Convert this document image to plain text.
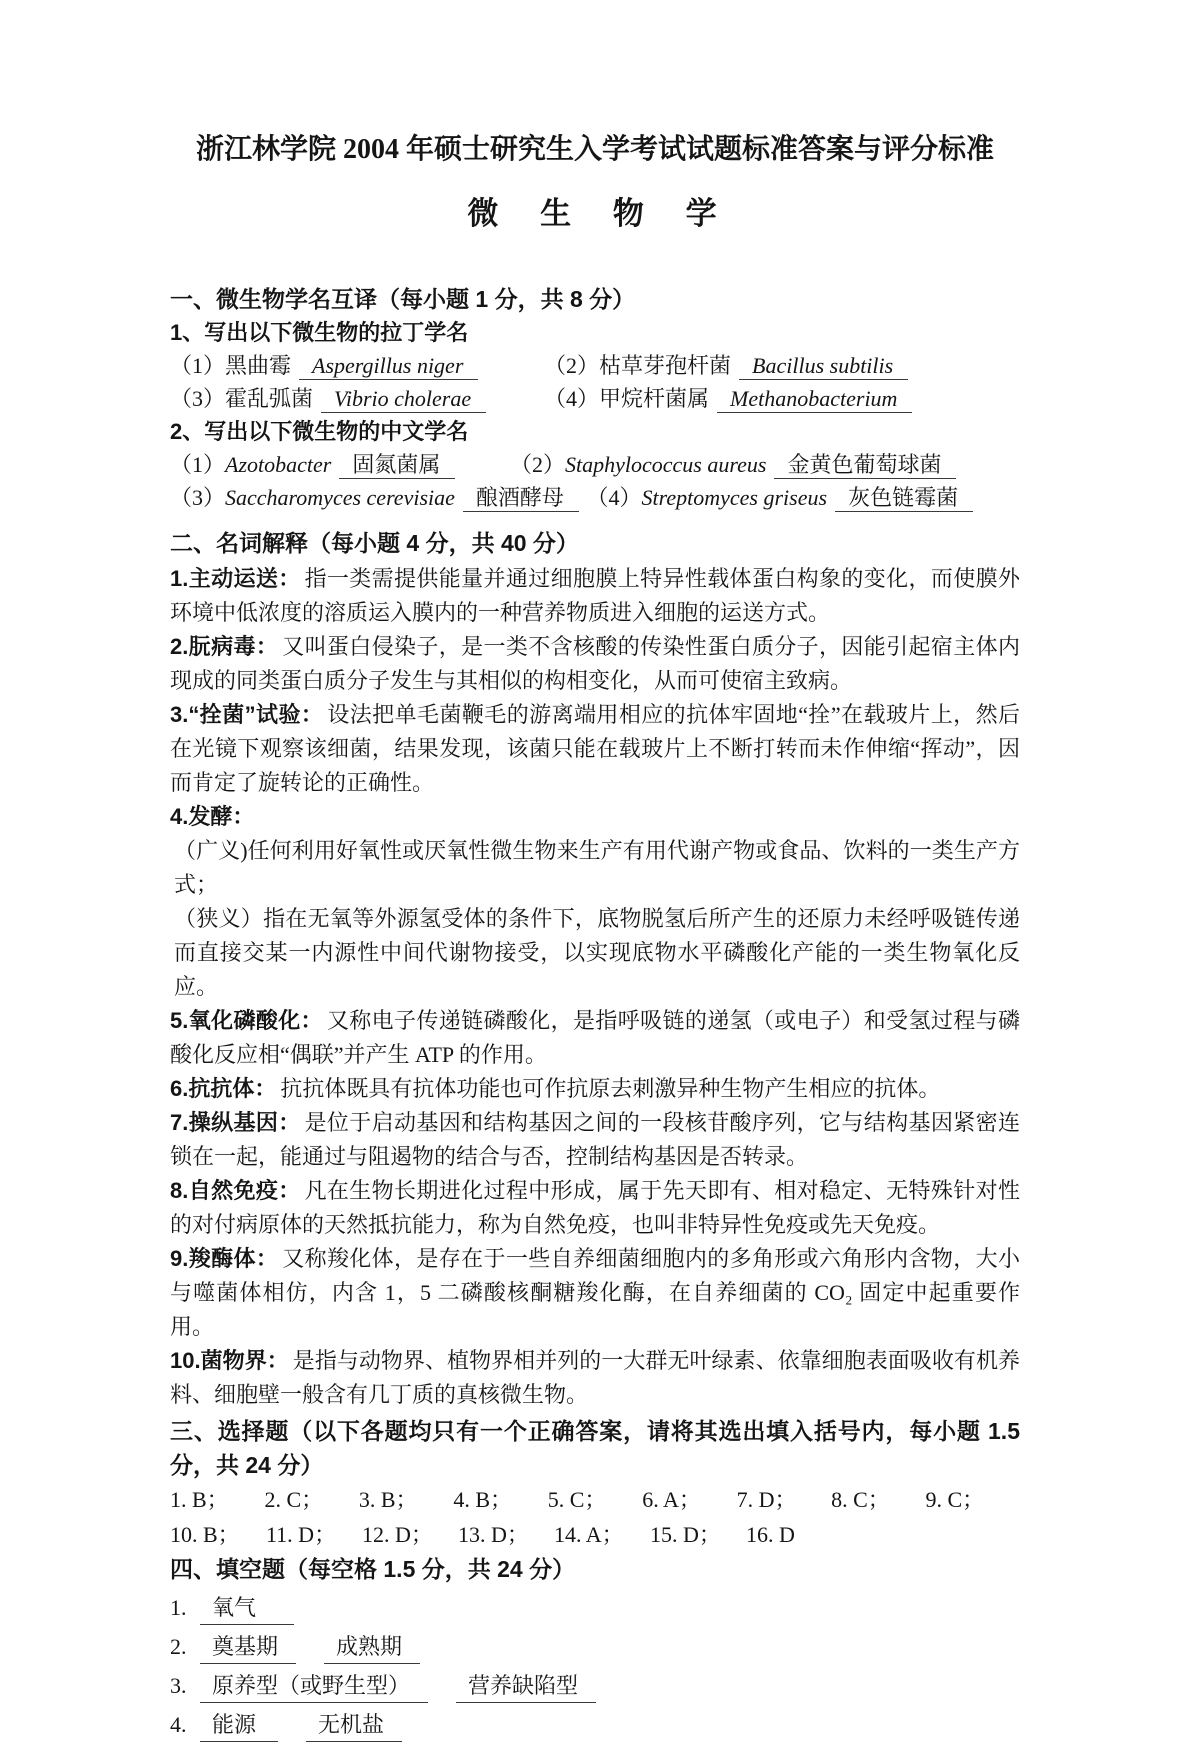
浙江林学院 2004 年硕士研究生入学考试试题标准答案与评分标准
微 生 物 学
一、微生物学名互译（每小题 1 分，共 8 分）
1、写出以下微生物的拉丁学名
（1）黑曲霉 Aspergillus niger	（2）枯草芽孢杆菌 Bacillus subtilis
（3）霍乱弧菌 Vibrio cholerae	（4）甲烷杆菌属 Methanobacterium
2、写出以下微生物的中文学名
（1）Azotobacter 固氮菌属	（2）Staphylococcus aureus 金黄色葡萄球菌
（3）Saccharomyces cerevisiae 酿酒酵母	（4）Streptomyces griseus 灰色链霉菌
二、名词解释（每小题 4 分，共 40 分）

1.主动运送： 指一类需提供能量并通过细胞膜上特异性载体蛋白构象的变化，而使膜外环境中低浓度的溶质运入膜内的一种营养物质进入细胞的运送方式。

2.朊病毒： 又叫蛋白侵染子，是一类不含核酸的传染性蛋白质分子，因能引起宿主体内现成的同类蛋白质分子发生与其相似的构相变化，从而可使宿主致病。

3.“拴菌”试验： 设法把单毛菌鞭毛的游离端用相应的抗体牢固地“拴”在载玻片上，然后在光镜下观察该细菌，结果发现，该菌只能在载玻片上不断打转而未作伸缩“挥动”，因而肯定了旋转论的正确性。

4.发酵：

（广义)任何利用好氧性或厌氧性微生物来生产有用代谢产物或食品、饮料的一类生产方式；

（狭义）指在无氧等外源氢受体的条件下，底物脱氢后所产生的还原力未经呼吸链传递而直接交某一内源性中间代谢物接受，以实现底物水平磷酸化产能的一类生物氧化反应。

5.氧化磷酸化： 又称电子传递链磷酸化，是指呼吸链的递氢（或电子）和受氢过程与磷酸化反应相“偶联”并产生 ATP 的作用。

6.抗抗体： 抗抗体既具有抗体功能也可作抗原去刺激异种生物产生相应的抗体。

7.操纵基因： 是位于启动基因和结构基因之间的一段核苷酸序列，它与结构基因紧密连锁在一起，能通过与阻遏物的结合与否，控制结构基因是否转录。

8.自然免疫： 凡在生物长期进化过程中形成，属于先天即有、相对稳定、无特殊针对性的对付病原体的天然抵抗能力，称为自然免疫，也叫非特异性免疫或先天免疫。

9.羧酶体： 又称羧化体，是存在于一些自养细菌细胞内的多角形或六角形内含物，大小与噬菌体相仿，内含 1，5 二磷酸核酮糖羧化酶，在自养细菌的 CO₂ 固定中起重要作用。

10.菌物界： 是指与动物界、植物界相并列的一大群无叶绿素、依靠细胞表面吸收有机养料、细胞壁一般含有几丁质的真核微生物。

三、选择题（以下各题均只有一个正确答案，请将其选出填入括号内，每小题 1.5 分，共 24 分）
1. B；	2. C；	3. B；	4. B；	5. C；	6. A；	7. D；	8. C；	9. C；
10. B；	11. D；	12. D；	13. D；	14. A；	15. D；	16. D
四、填空题（每空格 1.5 分，共 24 分）
1. 氧气
2. 奠基期	成熟期
3. 原养型（或野生型）	营养缺陷型
4. 能源	无机盐
